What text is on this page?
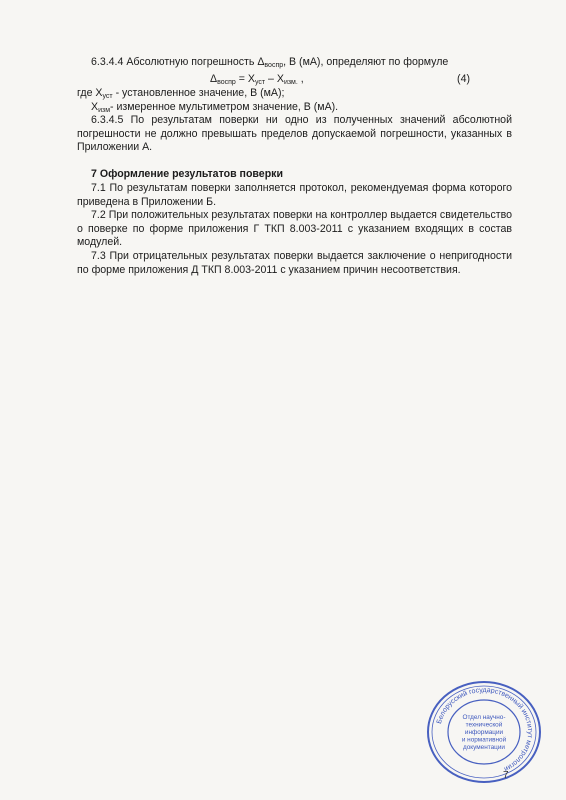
6.3.4.4 Абсолютную погрешность $\Delta_{воспр}$, В (мА), определяют по формуле

$\Delta_{воспр} = X_{уст} - X_{изм.}$ ,	(4)
где $X_{уст}$ - установленное значение, В (мА);
$X_{изм}-$ измеренное мультиметром значение, В (мА).

6.3.4.5 По результатам поверки ни одно из полученных значений абсолютной погрешности не должно превышать пределов допускаемой погрешности, указанных в Приложении А.

7 Оформление результатов поверки

7.1 По результатам поверки заполняется протокол, рекомендуемая форма которого приведена в Приложении Б.

7.2 При положительных результатах поверки на контроллер выдается свидетельство о поверке по форме приложения Г ТКП 8.003-2011 с указанием входящих в состав модулей.

7.3 При отрицательных результатах поверки выдается заключение о непригодности по форме приложения Д ТКП 8.003-2011 с указанием причин несоответствия.

Белорусский государственный институт метрологии
Отдел научно-
технической
информации
и нормативной
документации
7
